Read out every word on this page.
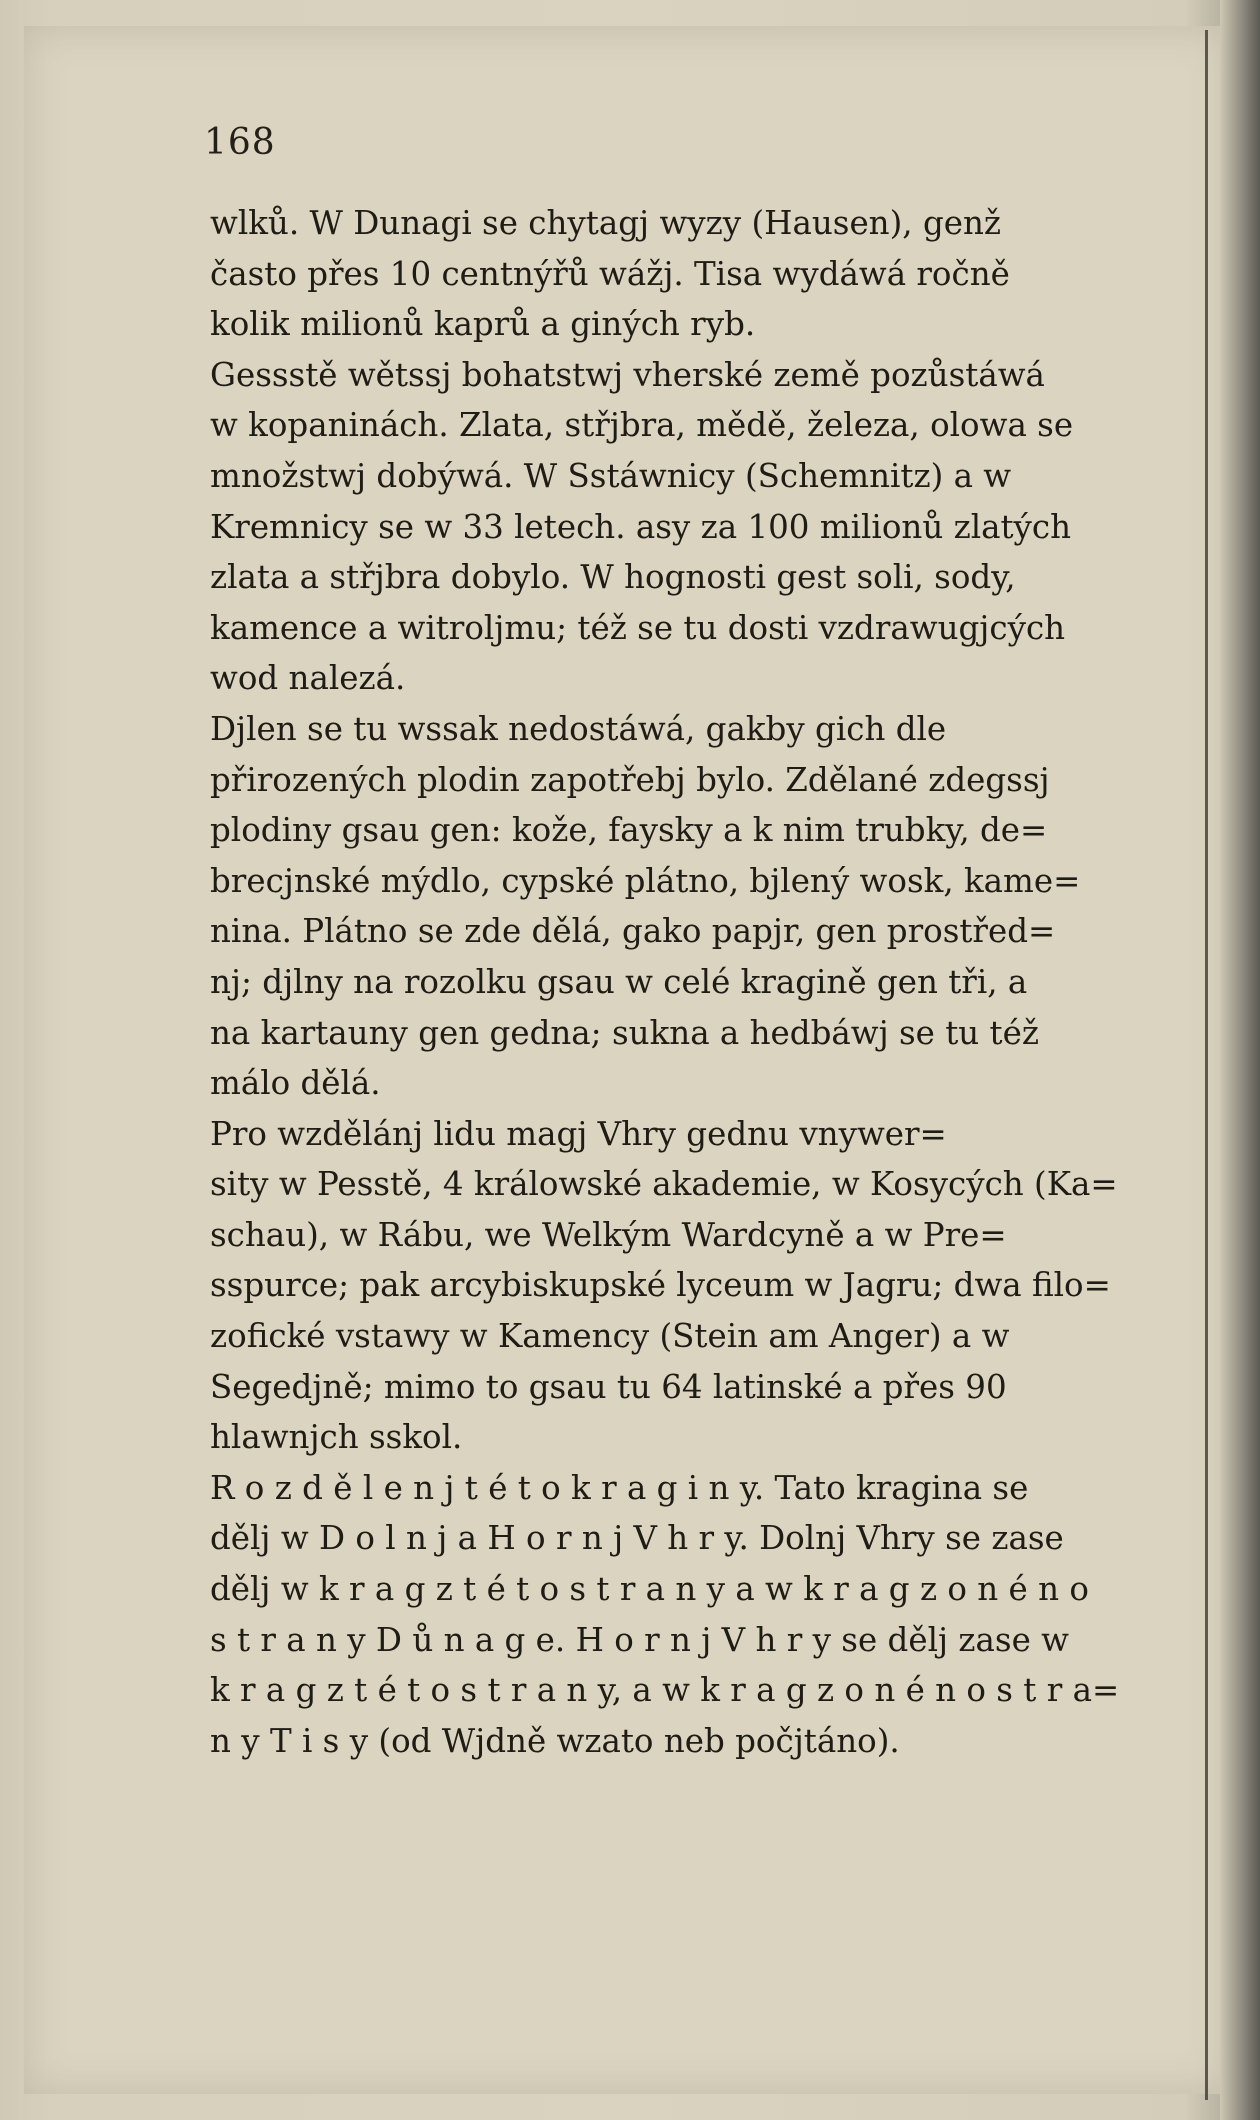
168
wlků. W Dunagi se chytagj wyzy (Hausen), genž
často přes 10 centnýřů wážj. Tisa wydáwá ročně
kolik milionů kaprů a giných ryb.
Gessstě wětssj bohatstwj vherské země pozůstáwá
w kopaninách. Zlata, střjbra, mědě, železa, olowa se
množstwj dobýwá. W Sstáwnicy (Schemnitz) a w
Kremnicy se w 33 letech. asy za 100 milionů zlatých
zlata a střjbra dobylo. W hognosti gest soli, sody,
kamence a witroljmu; též se tu dosti vzdrawugjcých
wod nalezá.
Djlen se tu wssak nedostáwá, gakby gich dle
přirozených plodin zapotřebj bylo. Zdělané zdegssj
plodiny gsau gen: kože, faysky a k nim trubky, de=
brecjnské mýdlo, cypské plátno, bjlený wosk, kame=
nina. Plátno se zde dělá, gako papjr, gen prostřed=
nj; djlny na rozolku gsau w celé kragině gen tři, a
na kartauny gen gedna; sukna a hedbáwj se tu též
málo dělá.
Pro wzdělánj lidu magj Vhry gednu vnywer=
sity w Pesstě, 4 králowské akademie, w Kosycých (Ka=
schau), w Rábu, we Welkým Wardcyně a w Pre=
sspurce; pak arcybiskupské lyceum w Jagru; dwa filo=
zofické vstawy w Kamency (Stein am Anger) a w
Segedjně; mimo to gsau tu 64 latinské a přes 90
hlawnjch sskol.
R o z d ě l e n j t é t o k r a g i n y. Tato kragina se
dělj w D o l n j a H o r n j V h r y. Dolnj Vhry se zase
dělj w k r a g z t é t o s t r a n y a w k r a g z o n é n o
s t r a n y D ů n a g e. H o r n j V h r y se dělj zase w
k r a g z t é t o s t r a n y, a w k r a g z o n é n o s t r a=
n y T i s y (od Wjdně wzato neb počjtáno).
